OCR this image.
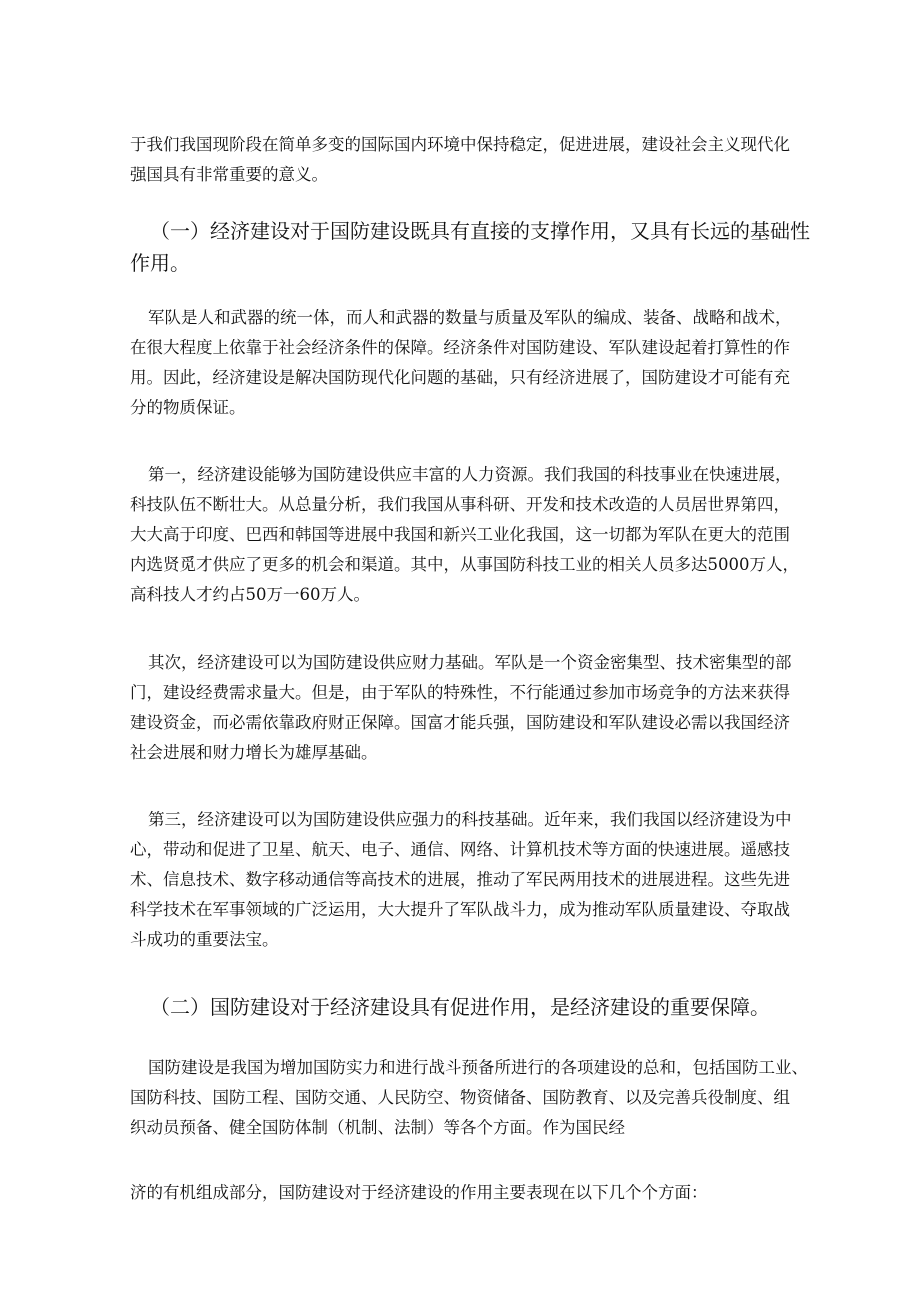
于我们我国现阶段在简单多变的国际国内环境中保持稳定，促进进展，建设社会主义现代化
强国具有非常重要的意义。

（一）经济建设对于国防建设既具有直接的支撑作用，又具有长远的基础性
作用。

军队是人和武器的统一体，而人和武器的数量与质量及军队的编成、装备、战略和战术，
在很大程度上依靠于社会经济条件的保障。经济条件对国防建设、军队建设起着打算性的作
用。因此，经济建设是解决国防现代化问题的基础，只有经济进展了，国防建设才可能有充
分的物质保证。

第一，经济建设能够为国防建设供应丰富的人力资源。我们我国的科技事业在快速进展，
科技队伍不断壮大。从总量分析，我们我国从事科研、开发和技术改造的人员居世界第四，
大大高于印度、巴西和韩国等进展中我国和新兴工业化我国，这一切都为军队在更大的范围
内选贤觅才供应了更多的机会和渠道。其中，从事国防科技工业的相关人员多达5000万人，
高科技人才约占50万一60万人。

其次，经济建设可以为国防建设供应财力基础。军队是一个资金密集型、技术密集型的部
门，建设经费需求量大。但是，由于军队的特殊性，不行能通过参加市场竞争的方法来获得
建设资金，而必需依靠政府财正保障。国富才能兵强，国防建设和军队建设必需以我国经济
社会进展和财力增长为雄厚基础。

第三，经济建设可以为国防建设供应强力的科技基础。近年来，我们我国以经济建设为中
心，带动和促进了卫星、航天、电子、通信、网络、计算机技术等方面的快速进展。遥感技
术、信息技术、数字移动通信等高技术的进展，推动了军民两用技术的进展进程。这些先进
科学技术在军事领域的广泛运用，大大提升了军队战斗力，成为推动军队质量建设、夺取战
斗成功的重要法宝。

（二）国防建设对于经济建设具有促进作用，是经济建设的重要保障。

国防建设是我国为增加国防实力和进行战斗预备所进行的各项建设的总和，包括国防工业、
国防科技、国防工程、国防交通、人民防空、物资储备、国防教育、以及完善兵役制度、组
织动员预备、健全国防体制（机制、法制）等各个方面。作为国民经

济的有机组成部分，国防建设对于经济建设的作用主要表现在以下几个个方面：
